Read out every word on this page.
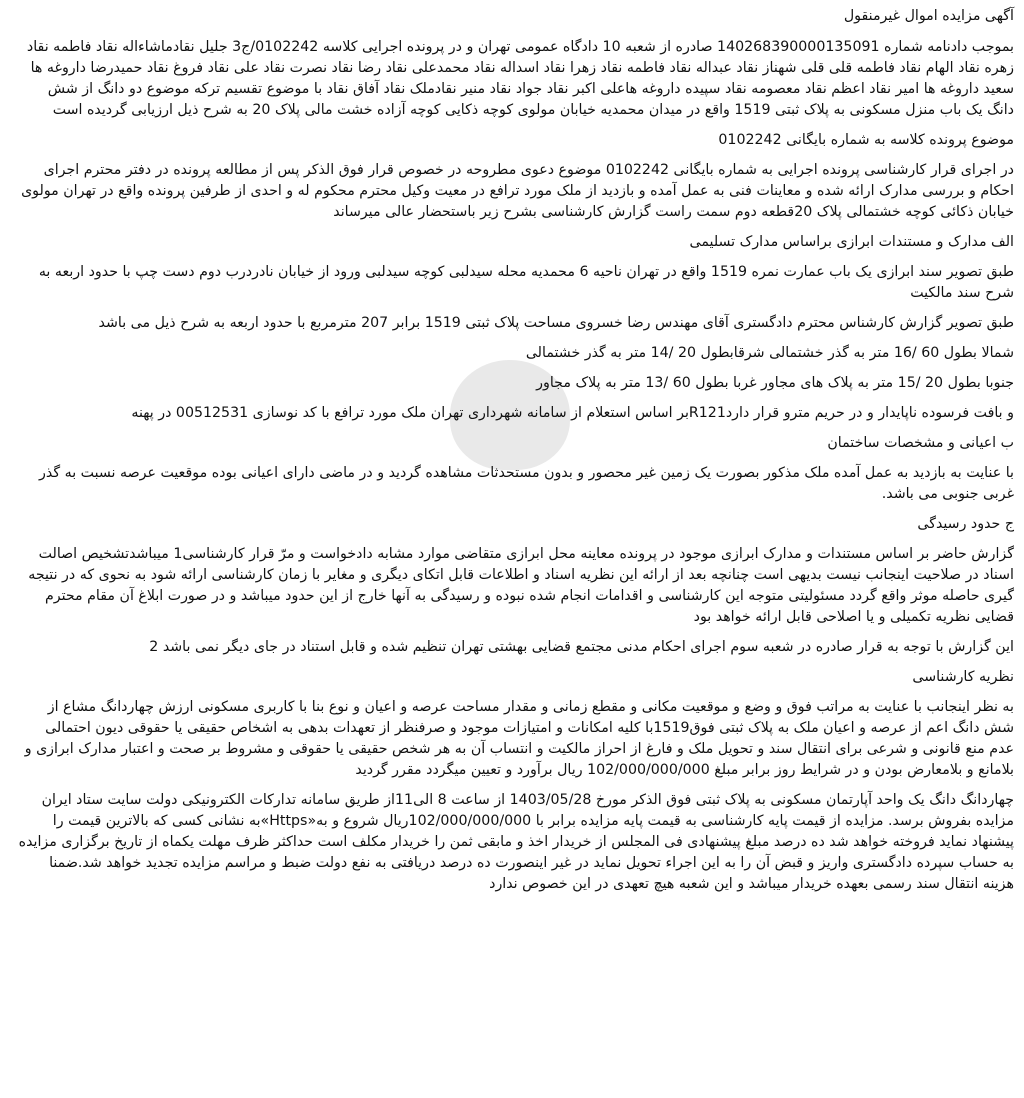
آگهی مزایده اموال غیرمنقول

بموجب دادنامه شماره 140268390000135091 صادره از شعبه 10 دادگاه عمومی تهران و در پرونده اجرایی کلاسه 0102242/ج3 جلیل نقادماشاءاله نقاد فاطمه نقاد زهره نقاد الهام نقاد فاطمه قلی قلی شهناز نقاد عبداله نقاد فاطمه نقاد زهرا نقاد اسداله نقاد محمدعلی نقاد رضا نقاد نصرت نقاد علی نقاد فروغ نقاد حمیدرضا داروغه ها سعید داروغه ها امیر نقاد اعظم نقاد معصومه نقاد سپیده داروغه هاعلی اکبر نقاد جواد نقاد منیر نقادملک نقاد آفاق نقاد با موضوع تقسیم ترکه موضوع دو دانگ از شش دانگ یک باب منزل مسکونی به پلاک ثبتی 1519 واقع در میدان محمدیه خیابان مولوی کوچه ذکایی کوچه آزاده خشت مالی پلاک 20 به شرح ذیل ارزیابی گردیده است

موضوع پرونده کلاسه به شماره بایگانی 0102242

در اجرای قرار کارشناسی پرونده اجرایی به شماره بایگانی 0102242 موضوع دعوی مطروحه در خصوص قرار فوق الذکر پس از مطالعه پرونده در دفتر محترم اجرای احکام و بررسی مدارک ارائه شده و معاینات فنی به عمل آمده و بازدید از ملک مورد ترافع در معیت وکیل محترم محکوم له و احدی از طرفین پرونده واقع در تهران مولوی خیابان ذکائی کوچه خشتمالی پلاک 20قطعه دوم سمت راست گزارش کارشناسی بشرح زیر باستحضار عالی میرساند

الف مدارک و مستندات ابرازی براساس مدارک تسلیمی

طبق تصویر سند ابرازی یک باب عمارت نمره 1519 واقع در تهران ناحیه 6 محمدیه محله سیدلبی کوچه سیدلبی ورود از خیابان نادردرب دوم دست چپ با حدود اربعه به شرح سند مالکیت

طبق تصویر گزارش کارشناس محترم دادگستری آقای مهندس رضا خسروی مساحت پلاک ثبتی 1519 برابر 207 مترمربع با حدود اربعه به شرح ذیل می باشد

شمالا بطول 60 /16 متر به گذر خشتمالی شرقابطول 20 /14 متر به گذر خشتمالی

جنوبا بطول 20 /15 متر به پلاک های مجاور غربا بطول 60 /13 متر به پلاک مجاور

و بافت فرسوده ناپایدار و در حریم مترو قرار داردR121بر اساس استعلام از سامانه شهرداری تهران ملک مورد ترافع با کد نوسازی 00512531 در پهنه

ب اعیانی و مشخصات ساختمان

با عنایت به بازدید به عمل آمده ملک مذکور بصورت یک زمین غیر محصور و بدون مستحدثات مشاهده گردید و در ماضی دارای اعیانی بوده موقعیت عرصه نسبت به گذر غربی جنوبی می باشد.

ج حدود رسیدگی

گزارش حاضر بر اساس مستندات و مدارک ابرازی موجود در پرونده معاینه محل ابرازی متقاضی موارد مشابه دادخواست و مرّ قرار کارشناسی1 میباشدتشخیص اصالت اسناد در صلاحیت اینجانب نیست بدیهی است چنانچه بعد از ارائه این نظریه اسناد و اطلاعات قابل اتکای دیگری و مغایر با زمان کارشناسی ارائه شود به نحوی که در نتیجه گیری حاصله موثر واقع گردد مسئولیتی متوجه این کارشناسی و اقدامات انجام شده نبوده و رسیدگی به آنها خارج از این حدود میباشد و در صورت ابلاغ آن مقام محترم قضایی نظریه تکمیلی و یا اصلاحی قابل ارائه خواهد بود

این گزارش با توجه به قرار صادره در شعبه سوم اجرای احکام مدنی مجتمع قضایی بهشتی تهران تنظیم شده و قابل استناد در جای دیگر نمی باشد 2

نظریه کارشناسی

به نظر اینجانب با عنایت به مراتب فوق و وضع و موقعیت مکانی و مقطع زمانی و مقدار مساحت عرصه و اعیان و نوع بنا با کاربری مسکونی ارزش چهاردانگ مشاع از شش دانگ اعم از عرصه و اعیان ملک به پلاک ثبتی فوق1519با کلیه امکانات و امتیازات موجود و صرفنظر از تعهدات بدهی به اشخاص حقیقی یا حقوقی دیون احتمالی عدم منع قانونی و شرعی برای انتقال سند و تحویل ملک و فارغ از احراز مالکیت و انتساب آن به هر شخص حقیقی یا حقوقی و مشروط بر صحت و اعتبار مدارک ابرازی و بلامانع و بلامعارض بودن و در شرایط روز برابر مبلغ 102/000/000/000 ریال برآورد و تعیین میگردد مقرر گردید

چهاردانگ دانگ یک واحد آپارتمان مسکونی به پلاک ثبتی فوق الذکر مورخ 1403/05/28 از ساعت 8 الی11از طریق سامانه تدارکات الکترونیکی دولت سایت ستاد ایران مزایده بفروش برسد. مزایده از قیمت پایه کارشناسی به قیمت پایه مزایده برابر با 102/000/000/000ریال شروع و به«Https»به نشانی کسی که بالاترین قیمت را پیشنهاد نماید فروخته خواهد شد ده درصد مبلغ پیشنهادی فی المجلس از خریدار اخذ و مابقی ثمن را خریدار مکلف است حداکثر ظرف مهلت یکماه از تاریخ برگزاری مزایده به حساب سپرده دادگستری واریز و قبض آن را به این اجراء تحویل نماید در غیر اینصورت ده درصد دریافتی به نفع دولت ضبط و مراسم مزایده تجدید خواهد شد.ضمنا هزینه انتقال سند رسمی بعهده خریدار میباشد و این شعبه هیچ تعهدی در این خصوص ندارد
